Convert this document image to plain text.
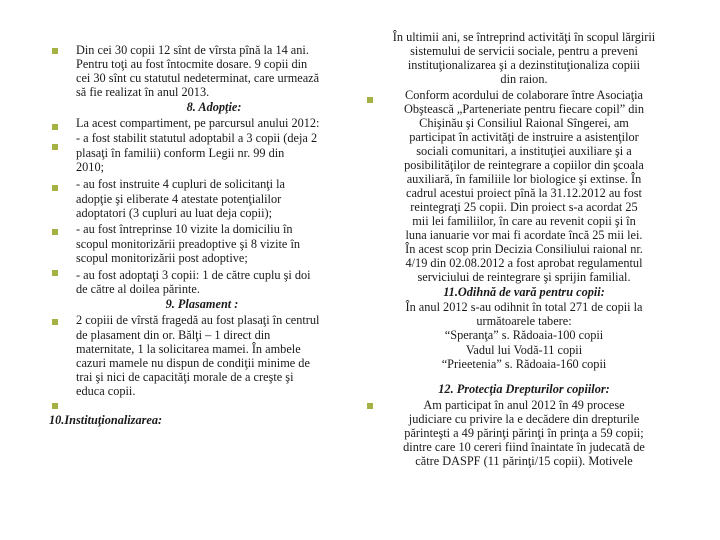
Din cei 30 copii 12 sînt de vîrsta pînă la 14 ani.
Pentru toţi au fost întocmite dosare. 9 copii din
cei 30 sînt cu statutul nedeterminat, care urmează
să fie realizat în anul 2013.
8. Adopţie:
La acest compartiment, pe parcursul anului 2012:
- a fost stabilit statutul adoptabil a 3 copii (deja 2
plasaţi în familii) conform Legii nr. 99 din
2010;
- au fost instruite 4 cupluri de solicitanţi la
adopţie şi eliberate 4 atestate potenţialilor
adoptatori (3 cupluri au luat deja copii);
- au fost întreprinse 10 vizite la domiciliu în
scopul monitorizării preadoptive şi 8 vizite în
scopul monitorizării post adoptive;
- au fost adoptaţi 3 copii: 1 de către cuplu şi doi
de către al doilea părinte.
9. Plasament :
2 copiii de vîrstă fragedă au fost plasaţi în centrul
de plasament din or. Bălţi – 1 direct din
maternitate, 1 la solicitarea mamei. În ambele
cazuri mamele nu dispun de condiţii minime de
trai şi nici de capacităţi morale de a creşte şi
educa copii.
10.Instituţionalizarea:
În ultimii ani, se întreprind activităţi în scopul lărgirii
sistemului de servicii sociale, pentru a preveni
instituţionalizarea şi a dezinstituţionaliza copiii
din raion.
Conform acordului de colaborare între Asociaţia
Obştească „Parteneriate pentru fiecare copil” din
Chişinău şi Consiliul Raional Sîngerei, am
participat în activităţi de instruire a asistenţilor
sociali comunitari, a instituţiei auxiliare şi a
posibilităţilor de reintegrare a copiilor din şcoala
auxiliară, în familiile lor biologice şi extinse. În
cadrul acestui proiect pînă la 31.12.2012 au fost
reintegraţi 25 copii. Din proiect s-a acordat 25
mii lei familiilor, în care au revenit copii şi în
luna ianuarie vor mai fi acordate încă 25 mii lei.
În acest scop prin Decizia Consiliului raional nr.
4/19 din 02.08.2012 a fost aprobat regulamentul
serviciului de reintegrare şi sprijin familial.
11.Odihnă de vară pentru copii:
În anul 2012 s-au odihnit în total 271 de copii la
următoarele tabere:
“Speranţa” s. Rădoaia-100 copii
Vadul lui Vodă-11 copii
“Prieetenia” s. Rădoaia-160 copii
12. Protecţia Drepturilor copiilor:
Am participat în anul 2012 în 49 procese
judiciare cu privire la e decădere din drepturile
părinteşti a 49 părinţi părinţi în prinţa a 59 copii;
dintre care 10 cereri fiind înaintate în judecată de
către DASPF (11 părinţi/15 copii). Motivele
